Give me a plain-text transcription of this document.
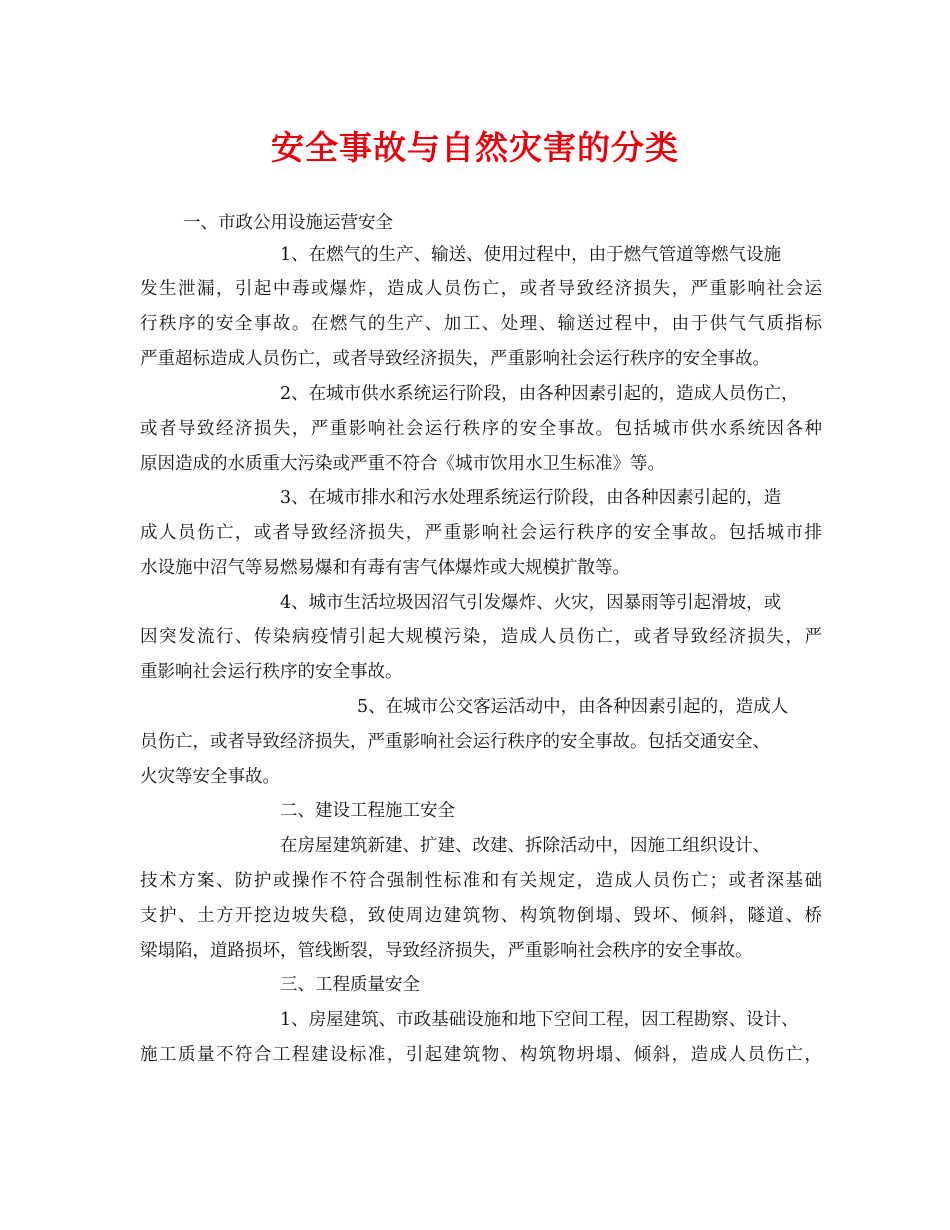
安全事故与自然灾害的分类
一、市政公用设施运营安全
1、在燃气的生产、输送、使用过程中，由于燃气管道等燃气设施
发生泄漏，引起中毒或爆炸，造成人员伤亡，或者导致经济损失，严重影响社会运
行秩序的安全事故。在燃气的生产、加工、处理、输送过程中，由于供气气质指标
严重超标造成人员伤亡，或者导致经济损失，严重影响社会运行秩序的安全事故。
2、在城市供水系统运行阶段，由各种因素引起的，造成人员伤亡，
或者导致经济损失，严重影响社会运行秩序的安全事故。包括城市供水系统因各种
原因造成的水质重大污染或严重不符合《城市饮用水卫生标准》等。
3、在城市排水和污水处理系统运行阶段，由各种因素引起的，造
成人员伤亡，或者导致经济损失，严重影响社会运行秩序的安全事故。包括城市排
水设施中沼气等易燃易爆和有毒有害气体爆炸或大规模扩散等。
4、城市生活垃圾因沼气引发爆炸、火灾，因暴雨等引起滑坡，或
因突发流行、传染病疫情引起大规模污染，造成人员伤亡，或者导致经济损失，严
重影响社会运行秩序的安全事故。
5、在城市公交客运活动中，由各种因素引起的，造成人
员伤亡，或者导致经济损失，严重影响社会运行秩序的安全事故。包括交通安全、
火灾等安全事故。
二、建设工程施工安全
在房屋建筑新建、扩建、改建、拆除活动中，因施工组织设计、
技术方案、防护或操作不符合强制性标准和有关规定，造成人员伤亡；或者深基础
支护、土方开挖边坡失稳，致使周边建筑物、构筑物倒塌、毁坏、倾斜，隧道、桥
梁塌陷，道路损坏，管线断裂，导致经济损失，严重影响社会秩序的安全事故。
三、工程质量安全
1、房屋建筑、市政基础设施和地下空间工程，因工程勘察、设计、
施工质量不符合工程建设标准，引起建筑物、构筑物坍塌、倾斜，造成人员伤亡，
